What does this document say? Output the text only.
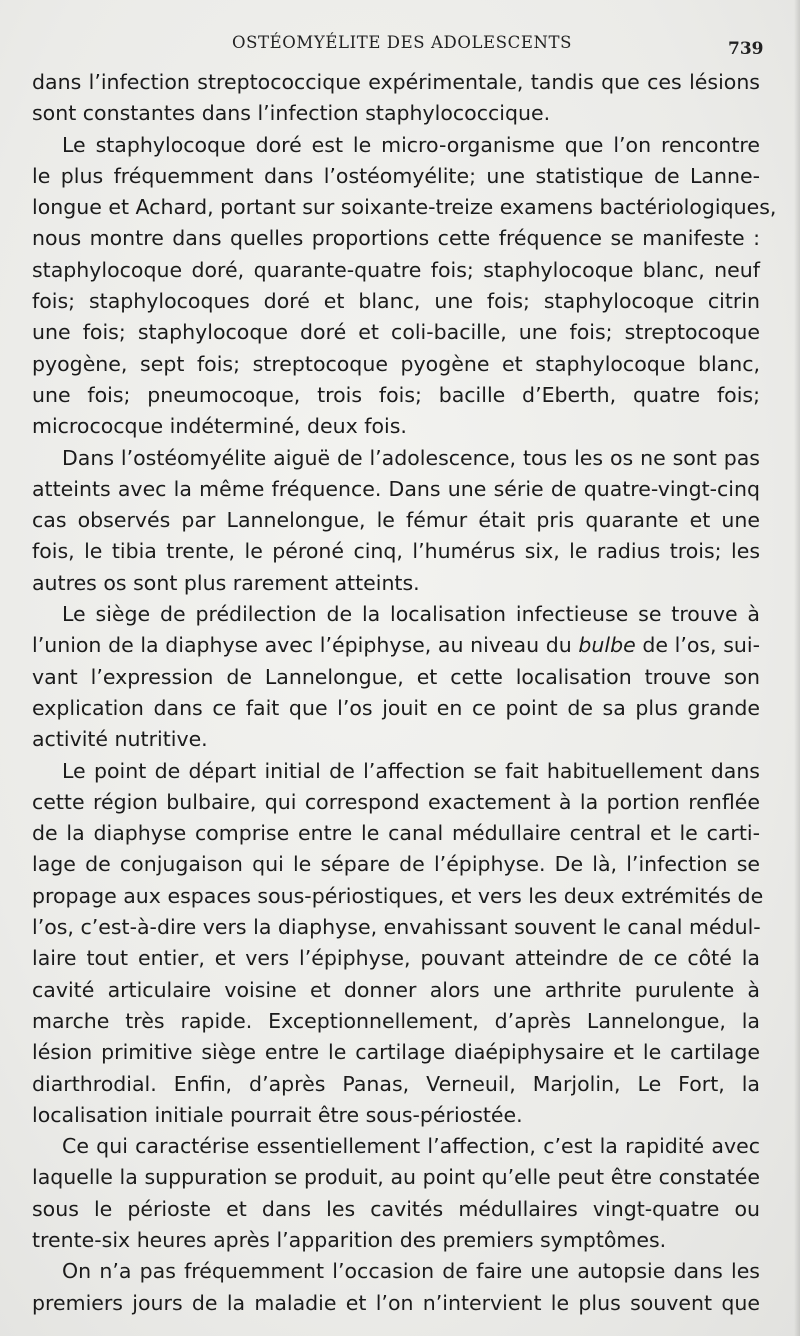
OSTÉOMYÉLITE DES ADOLESCENTS	739
dans l’infection streptococcique expérimentale, tandis que ces lésions
sont constantes dans l’infection staphylococcique.
Le staphylocoque doré est le micro-organisme que l’on rencontre
le plus fréquemment dans l’ostéomyélite; une statistique de Lanne-
longue et Achard, portant sur soixante-treize examens bactériologiques,
nous montre dans quelles proportions cette fréquence se manifeste :
staphylocoque doré, quarante-quatre fois; staphylocoque blanc, neuf
fois; staphylocoques doré et blanc, une fois; staphylocoque citrin
une fois; staphylocoque doré et coli-bacille, une fois; streptocoque
pyogène, sept fois; streptocoque pyogène et staphylocoque blanc,
une fois; pneumocoque, trois fois; bacille d’Eberth, quatre fois;
micrococque indéterminé, deux fois.
Dans l’ostéomyélite aiguë de l’adolescence, tous les os ne sont pas
atteints avec la même fréquence. Dans une série de quatre-vingt-cinq
cas observés par Lannelongue, le fémur était pris quarante et une
fois, le tibia trente, le péroné cinq, l’humérus six, le radius trois; les
autres os sont plus rarement atteints.
Le siège de prédilection de la localisation infectieuse se trouve à
l’union de la diaphyse avec l’épiphyse, au niveau du bulbe de l’os, sui-
vant l’expression de Lannelongue, et cette localisation trouve son
explication dans ce fait que l’os jouit en ce point de sa plus grande
activité nutritive.
Le point de départ initial de l’affection se fait habituellement dans
cette région bulbaire, qui correspond exactement à la portion renflée
de la diaphyse comprise entre le canal médullaire central et le carti-
lage de conjugaison qui le sépare de l’épiphyse. De là, l’infection se
propage aux espaces sous-périostiques, et vers les deux extrémités de
l’os, c’est-à-dire vers la diaphyse, envahissant souvent le canal médul-
laire tout entier, et vers l’épiphyse, pouvant atteindre de ce côté la
cavité articulaire voisine et donner alors une arthrite purulente à
marche très rapide. Exceptionnellement, d’après Lannelongue, la
lésion primitive siège entre le cartilage diaépiphysaire et le cartilage
diarthrodial. Enfin, d’après Panas, Verneuil, Marjolin, Le Fort, la
localisation initiale pourrait être sous-périostée.
Ce qui caractérise essentiellement l’affection, c’est la rapidité avec
laquelle la suppuration se produit, au point qu’elle peut être constatée
sous le périoste et dans les cavités médullaires vingt-quatre ou
trente-six heures après l’apparition des premiers symptômes.
On n’a pas fréquemment l’occasion de faire une autopsie dans les
premiers jours de la maladie et l’on n’intervient le plus souvent que
